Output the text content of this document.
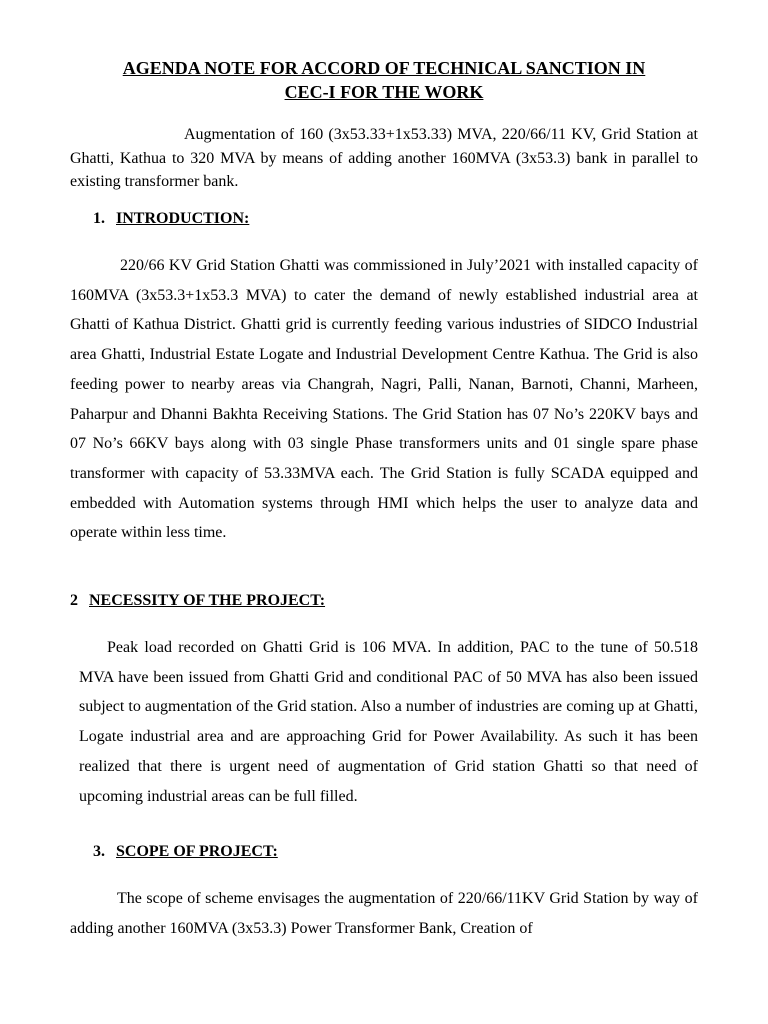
AGENDA NOTE FOR ACCORD OF TECHNICAL SANCTION IN
CEC-I FOR THE WORK

Augmentation of 160 (3x53.33+1x53.33) MVA, 220/66/11 KV, Grid Station at Ghatti, Kathua to 320 MVA by means of adding another 160MVA (3x53.3) bank in parallel to existing transformer bank.

1. INTRODUCTION:

220/66 KV Grid Station Ghatti was commissioned in July’2021 with installed capacity of 160MVA (3x53.3+1x53.3 MVA) to cater the demand of newly established industrial area at Ghatti of Kathua District. Ghatti grid is currently feeding various industries of SIDCO Industrial area Ghatti, Industrial Estate Logate and Industrial Development Centre Kathua. The Grid is also feeding power to nearby areas via Changrah, Nagri, Palli, Nanan, Barnoti, Channi, Marheen, Paharpur and Dhanni Bakhta Receiving Stations. The Grid Station has 07 No’s 220KV bays and 07 No’s 66KV bays along with 03 single Phase transformers units and 01 single spare phase transformer with capacity of 53.33MVA each. The Grid Station is fully SCADA equipped and embedded with Automation systems through HMI which helps the user to analyze data and operate within less time.

2 NECESSITY OF THE PROJECT:

Peak load recorded on Ghatti Grid is 106 MVA. In addition, PAC to the tune of 50.518 MVA have been issued from Ghatti Grid and conditional PAC of 50 MVA has also been issued subject to augmentation of the Grid station. Also a number of industries are coming up at Ghatti, Logate industrial area and are approaching Grid for Power Availability. As such it has been realized that there is urgent need of augmentation of Grid station Ghatti so that need of upcoming industrial areas can be full filled.

3. SCOPE OF PROJECT:

The scope of scheme envisages the augmentation of 220/66/11KV Grid Station by way of adding another 160MVA (3x53.3) Power Transformer Bank, Creation of
